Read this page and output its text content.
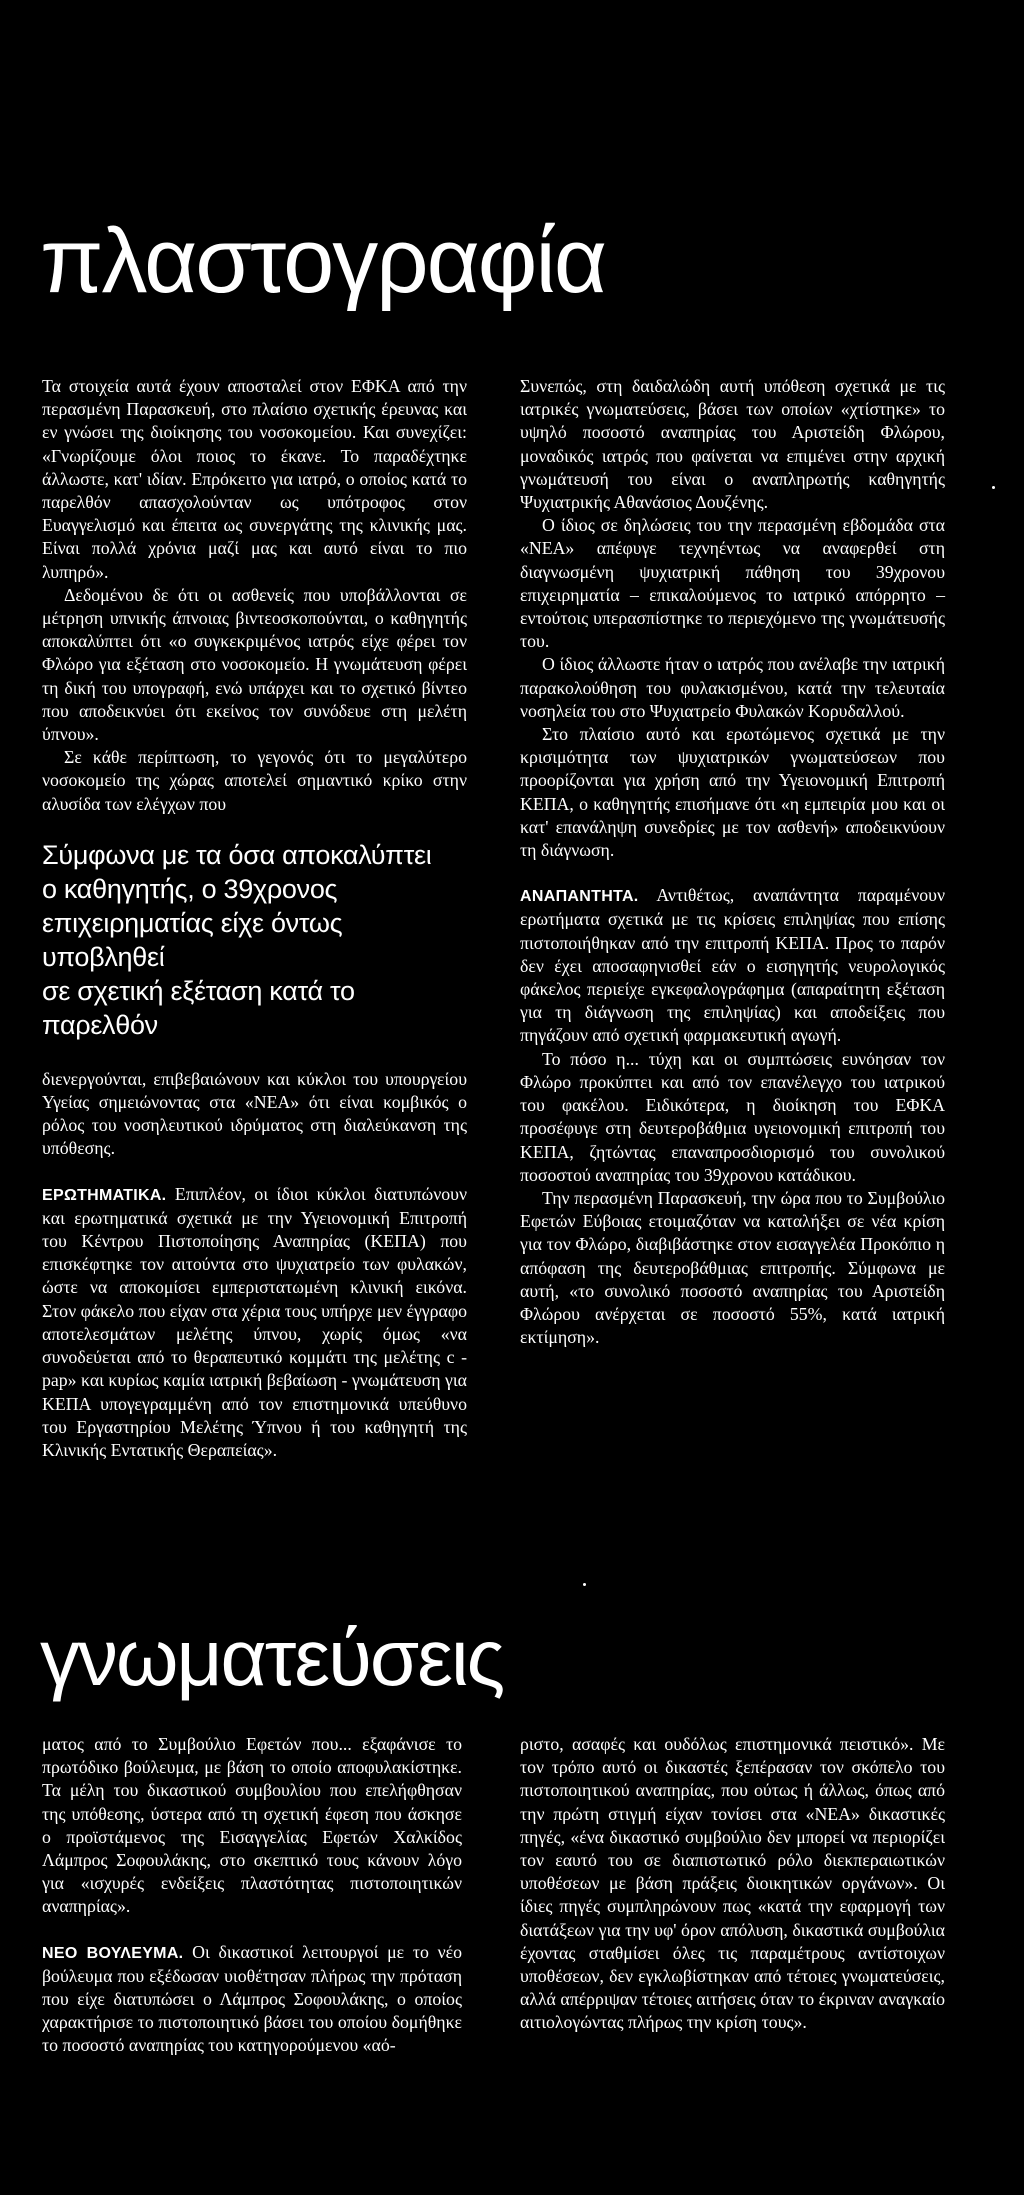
πλαστογραφία

Τα στοιχεία αυτά έχουν αποσταλεί στον ΕΦΚΑ από την περασμένη Παρασκευή, στο πλαίσιο σχετικής έρευνας και εν γνώσει της διοίκησης του νοσοκομείου. Και συνεχίζει: «Γνωρίζουμε όλοι ποιος το έκανε. Το παραδέχτηκε άλλωστε, κατ' ιδίαν. Επρόκειτο για ιατρό, ο οποίος κατά το παρελθόν απασχολούνταν ως υπότροφος στον Ευαγγελισμό και έπειτα ως συνεργάτης της κλινικής μας. Είναι πολλά χρόνια μαζί μας και αυτό είναι το πιο λυπηρό».

Δεδομένου δε ότι οι ασθενείς που υποβάλλονται σε μέτρηση υπνικής άπνοιας βιντεοσκοπούνται, ο καθηγητής αποκαλύπτει ότι «ο συγκεκριμένος ιατρός είχε φέρει τον Φλώρο για εξέταση στο νοσοκομείο. Η γνωμάτευση φέρει τη δική του υπογραφή, ενώ υπάρχει και το σχετικό βίντεο που αποδεικνύει ότι εκείνος τον συνόδευε στη μελέτη ύπνου».

Σε κάθε περίπτωση, το γεγονός ότι το μεγαλύτερο νοσοκομείο της χώρας αποτελεί σημαντικό κρίκο στην αλυσίδα των ελέγχων που

Σύμφωνα με τα όσα αποκαλύπτει
ο καθηγητής, ο 39χρονος
επιχειρηματίας είχε όντως υποβληθεί
σε σχετική εξέταση κατά το παρελθόν

διενεργούνται, επιβεβαιώνουν και κύκλοι του υπουργείου Υγείας σημειώνοντας στα «ΝΕΑ» ότι είναι κομβικός ο ρόλος του νοσηλευτικού ιδρύματος στη διαλεύκανση της υπόθεσης.

ΕΡΩΤΗΜΑΤΙΚΑ. Επιπλέον, οι ίδιοι κύκλοι διατυπώνουν και ερωτηματικά σχετικά με την Υγειονομική Επιτροπή του Κέντρου Πιστοποίησης Αναπηρίας (ΚΕΠΑ) που επισκέφτηκε τον αιτούντα στο ψυχιατρείο των φυλακών, ώστε να αποκομίσει εμπεριστατωμένη κλινική εικόνα. Στον φάκελο που είχαν στα χέρια τους υπήρχε μεν έγγραφο αποτελεσμάτων μελέτης ύπνου, χωρίς όμως «να συνοδεύεται από το θεραπευτικό κομμάτι της μελέτης c - pap» και κυρίως καμία ιατρική βεβαίωση - γνωμάτευση για ΚΕΠΑ υπογεγραμμένη από τον επιστημονικά υπεύθυνο του Εργαστηρίου Μελέτης Ύπνου ή του καθηγητή της Κλινικής Εντατικής Θεραπείας».

Συνεπώς, στη δαιδαλώδη αυτή υπόθεση σχετικά με τις ιατρικές γνωματεύσεις, βάσει των οποίων «χτίστηκε» το υψηλό ποσοστό αναπηρίας του Αριστείδη Φλώρου, μοναδικός ιατρός που φαίνεται να επιμένει στην αρχική γνωμάτευσή του είναι ο αναπληρωτής καθηγητής Ψυχιατρικής Αθανάσιος Δουζένης.

Ο ίδιος σε δηλώσεις του την περασμένη εβδομάδα στα «ΝΕΑ» απέφυγε τεχνηέντως να αναφερθεί στη διαγνωσμένη ψυχιατρική πάθηση του 39χρονου επιχειρηματία – επικαλούμενος το ιατρικό απόρρητο – εντούτοις υπερασπίστηκε το περιεχόμενο της γνωμάτευσής του.

Ο ίδιος άλλωστε ήταν ο ιατρός που ανέλαβε την ιατρική παρακολούθηση του φυλακισμένου, κατά την τελευταία νοσηλεία του στο Ψυχιατρείο Φυλακών Κορυδαλλού.

Στο πλαίσιο αυτό και ερωτώμενος σχετικά με την κρισιμότητα των ψυχιατρικών γνωματεύσεων που προορίζονται για χρήση από την Υγειονομική Επιτροπή ΚΕΠΑ, ο καθηγητής επισήμανε ότι «η εμπειρία μου και οι κατ' επανάληψη συνεδρίες με τον ασθενή» αποδεικνύουν τη διάγνωση.

ΑΝΑΠΑΝΤΗΤΑ. Αντιθέτως, αναπάντητα παραμένουν ερωτήματα σχετικά με τις κρίσεις επιληψίας που επίσης πιστοποιήθηκαν από την επιτροπή ΚΕΠΑ. Προς το παρόν δεν έχει αποσαφηνισθεί εάν ο εισηγητής νευρολογικός φάκελος περιείχε εγκεφαλογράφημα (απαραίτητη εξέταση για τη διάγνωση της επιληψίας) και αποδείξεις που πηγάζουν από σχετική φαρμακευτική αγωγή.

Το πόσο η... τύχη και οι συμπτώσεις ευνόησαν τον Φλώρο προκύπτει και από τον επανέλεγχο του ιατρικού του φακέλου. Ειδικότερα, η διοίκηση του ΕΦΚΑ προσέφυγε στη δευτεροβάθμια υγειονομική επιτροπή του ΚΕΠΑ, ζητώντας επαναπροσδιορισμό του συνολικού ποσοστού αναπηρίας του 39χρονου κατάδικου.

Την περασμένη Παρασκευή, την ώρα που το Συμβούλιο Εφετών Εύβοιας ετοιμαζόταν να καταλήξει σε νέα κρίση για τον Φλώρο, διαβιβάστηκε στον εισαγγελέα Προκόπιο η απόφαση της δευτεροβάθμιας επιτροπής. Σύμφωνα με αυτή, «το συνολικό ποσοστό αναπηρίας του Αριστείδη Φλώρου ανέρχεται σε ποσοστό 55%, κατά ιατρική εκτίμηση».

γνωματεύσεις

ματος από το Συμβούλιο Εφετών που... εξαφάνισε το πρωτόδικο βούλευμα, με βάση το οποίο αποφυλακίστηκε. Τα μέλη του δικαστικού συμβουλίου που επελήφθησαν της υπόθεσης, ύστερα από τη σχετική έφεση που άσκησε ο προϊστάμενος της Εισαγγελίας Εφετών Χαλκίδος Λάμπρος Σοφουλάκης, στο σκεπτικό τους κάνουν λόγο για «ισχυρές ενδείξεις πλαστότητας πιστοποιητικών αναπηρίας».

ΝΕΟ ΒΟΥΛΕΥΜΑ. Οι δικαστικοί λειτουργοί με το νέο βούλευμα που εξέδωσαν υιοθέτησαν πλήρως την πρόταση που είχε διατυπώσει ο Λάμπρος Σοφουλάκης, ο οποίος χαρακτήρισε το πιστοποιητικό βάσει του οποίου δομήθηκε το ποσοστό αναπηρίας του κατηγορούμενου «αό-

ριστο, ασαφές και ουδόλως επιστημονικά πειστικό». Με τον τρόπο αυτό οι δικαστές ξεπέρασαν τον σκόπελο του πιστοποιητικού αναπηρίας, που ούτως ή άλλως, όπως από την πρώτη στιγμή είχαν τονίσει στα «ΝΕΑ» δικαστικές πηγές, «ένα δικαστικό συμβούλιο δεν μπορεί να περιορίζει τον εαυτό του σε διαπιστωτικό ρόλο διεκπεραιωτικών υποθέσεων με βάση πράξεις διοικητικών οργάνων». Οι ίδιες πηγές συμπληρώνουν πως «κατά την εφαρμογή των διατάξεων για την υφ' όρον απόλυση, δικαστικά συμβούλια έχοντας σταθμίσει όλες τις παραμέτρους αντίστοιχων υποθέσεων, δεν εγκλωβίστηκαν από τέτοιες γνωματεύσεις, αλλά απέρριψαν τέτοιες αιτήσεις όταν το έκριναν αναγκαίο αιτιολογώντας πλήρως την κρίση τους».
